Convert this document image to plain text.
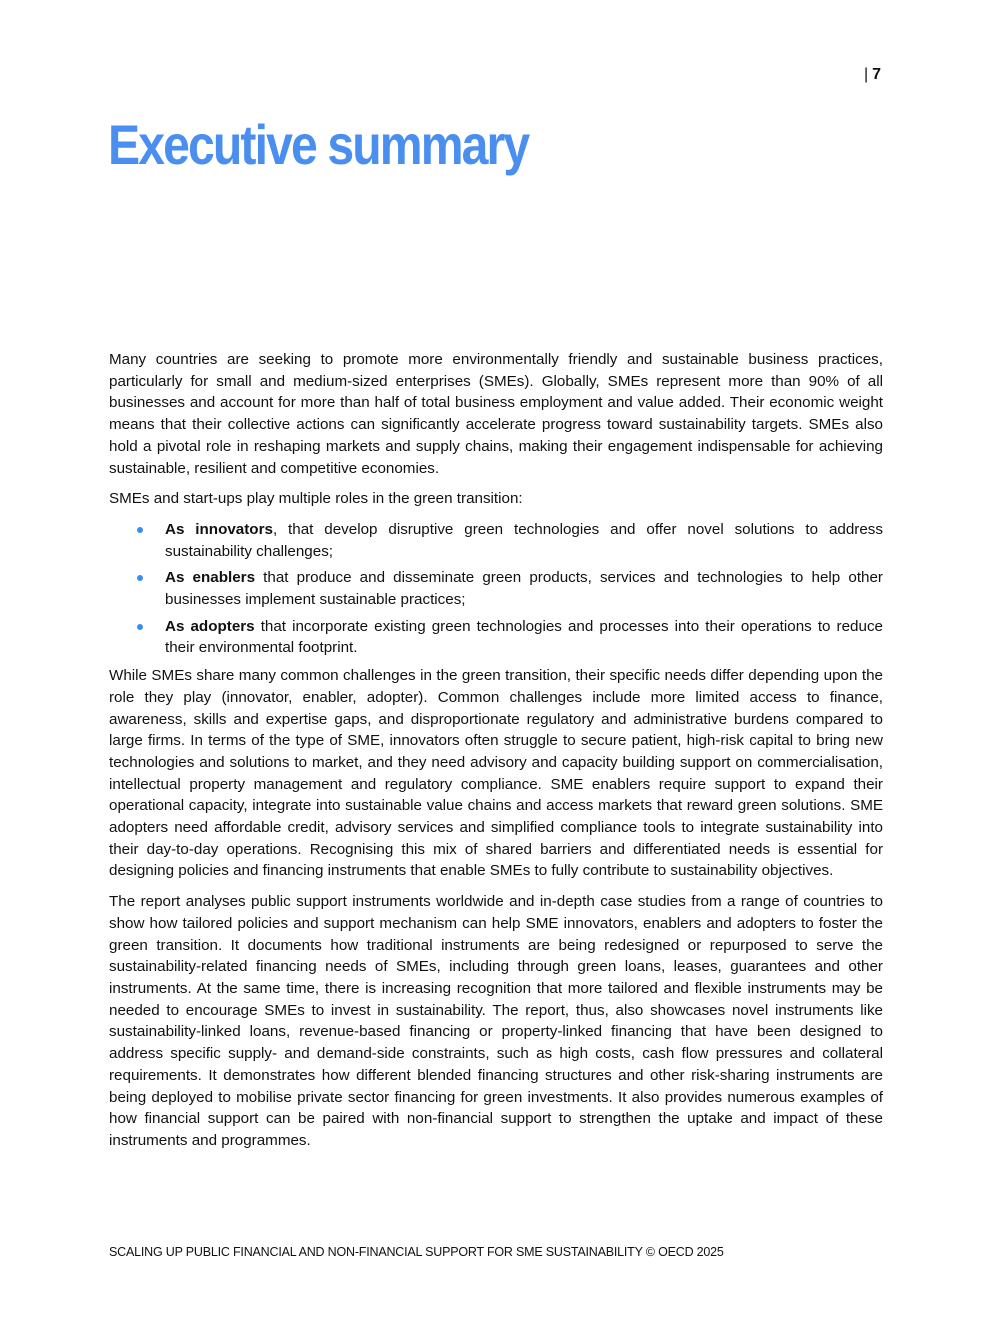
| 7
Executive summary

Many countries are seeking to promote more environmentally friendly and sustainable business practices, particularly for small and medium-sized enterprises (SMEs). Globally, SMEs represent more than 90% of all businesses and account for more than half of total business employment and value added. Their economic weight means that their collective actions can significantly accelerate progress toward sustainability targets. SMEs also hold a pivotal role in reshaping markets and supply chains, making their engagement indispensable for achieving sustainable, resilient and competitive economies.

SMEs and start-ups play multiple roles in the green transition:

As innovators, that develop disruptive green technologies and offer novel solutions to address sustainability challenges;
As enablers that produce and disseminate green products, services and technologies to help other businesses implement sustainable practices;
As adopters that incorporate existing green technologies and processes into their operations to reduce their environmental footprint.

While SMEs share many common challenges in the green transition, their specific needs differ depending upon the role they play (innovator, enabler, adopter). Common challenges include more limited access to finance, awareness, skills and expertise gaps, and disproportionate regulatory and administrative burdens compared to large firms. In terms of the type of SME, innovators often struggle to secure patient, high-risk capital to bring new technologies and solutions to market, and they need advisory and capacity building support on commercialisation, intellectual property management and regulatory compliance. SME enablers require support to expand their operational capacity, integrate into sustainable value chains and access markets that reward green solutions. SME adopters need affordable credit, advisory services and simplified compliance tools to integrate sustainability into their day-to-day operations. Recognising this mix of shared barriers and differentiated needs is essential for designing policies and financing instruments that enable SMEs to fully contribute to sustainability objectives.

The report analyses public support instruments worldwide and in-depth case studies from a range of countries to show how tailored policies and support mechanism can help SME innovators, enablers and adopters to foster the green transition. It documents how traditional instruments are being redesigned or repurposed to serve the sustainability-related financing needs of SMEs, including through green loans, leases, guarantees and other instruments. At the same time, there is increasing recognition that more tailored and flexible instruments may be needed to encourage SMEs to invest in sustainability. The report, thus, also showcases novel instruments like sustainability-linked loans, revenue-based financing or property-linked financing that have been designed to address specific supply- and demand-side constraints, such as high costs, cash flow pressures and collateral requirements. It demonstrates how different blended financing structures and other risk-sharing instruments are being deployed to mobilise private sector financing for green investments. It also provides numerous examples of how financial support can be paired with non-financial support to strengthen the uptake and impact of these instruments and programmes.

SCALING UP PUBLIC FINANCIAL AND NON-FINANCIAL SUPPORT FOR SME SUSTAINABILITY © OECD 2025
